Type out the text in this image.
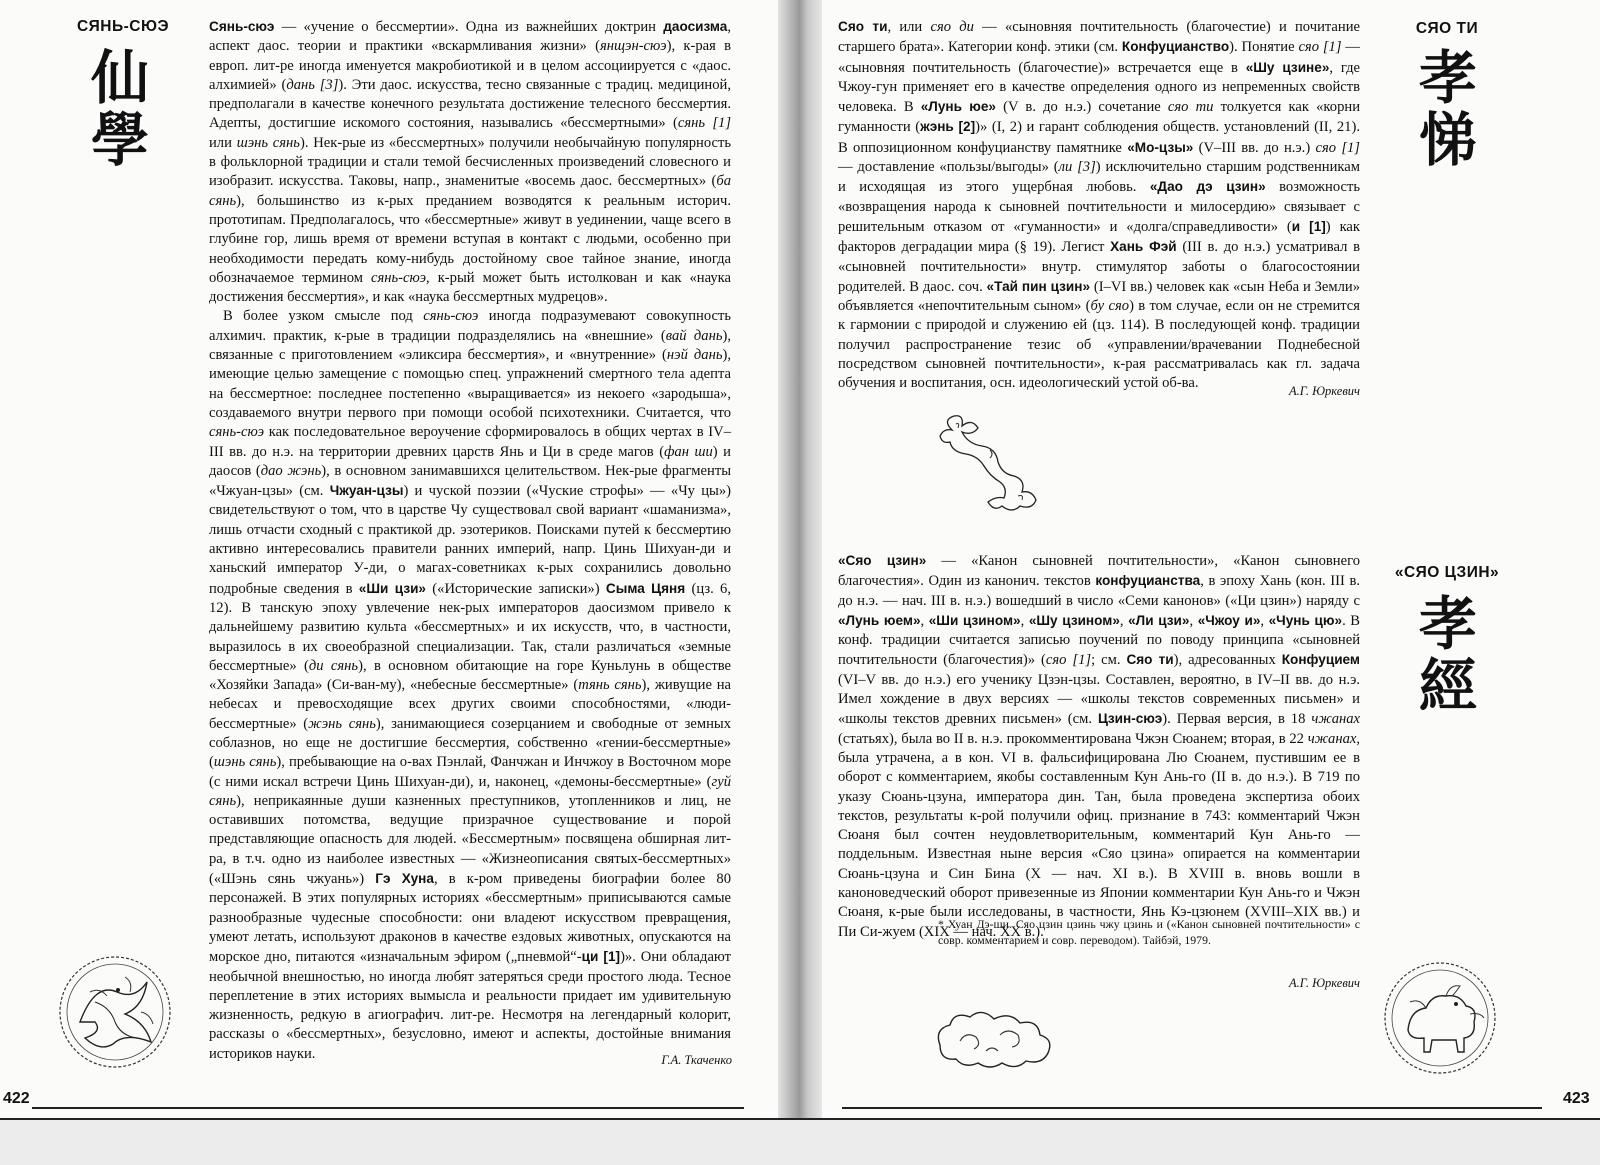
СЯНЬ-СЮЭ
仙
學

Сянь-сюэ — «учение о бессмертии». Одна из важнейших доктрин даосизма, аспект даос. теории и практики «вскармливания жизни» (янщэн-сюэ), к-рая в европ. лит-ре иногда именуется макробиотикой и в целом ассоциируется с «даос. алхимией» (дань [3]). Эти даос. искусства, тесно связанные с традиц. медициной, предполагали в качестве конечного результата достижение телесного бессмертия. Адепты, достигшие искомого состояния, назывались «бессмертными» (сянь [1] или шэнь сянь). Нек-рые из «бессмертных» получили необычайную популярность в фольклорной традиции и стали темой бесчисленных произведений словесного и изобразит. искусства. Таковы, напр., знаменитые «восемь даос. бессмертных» (ба сянь), большинство из к-рых преданием возводятся к реальным историч. прототипам. Предполагалось, что «бессмертные» живут в уединении, чаще всего в глубине гор, лишь время от времени вступая в контакт с людьми, особенно при необходимости передать кому-нибудь достойному свое тайное знание, иногда обозначаемое термином сянь-сюэ, к-рый может быть истолкован и как «наука достижения бессмертия», и как «наука бессмертных мудрецов».

В более узком смысле под сянь-сюэ иногда подразумевают совокупность алхимич. практик, к-рые в традиции подразделялись на «внешние» (вай дань), связанные с приготовлением «эликсира бессмертия», и «внутренние» (нэй дань), имеющие целью замещение с помощью спец. упражнений смертного тела адепта на бессмертное: последнее постепенно «выращивается» из некоего «зародыша», создаваемого внутри первого при помощи особой психотехники. Считается, что сянь-сюэ как последовательное вероучение сформировалось в общих чертах в IV–III вв. до н.э. на территории древних царств Янь и Ци в среде магов (фан ши) и даосов (дао жэнь), в основном занимавшихся целительством. Нек-рые фрагменты «Чжуан-цзы» (см. Чжуан-цзы) и чуской поэзии («Чуские строфы» — «Чу цы») свидетельствуют о том, что в царстве Чу существовал свой вариант «шаманизма», лишь отчасти сходный с практикой др. эзотериков. Поисками путей к бессмертию активно интересовались правители ранних империй, напр. Цинь Шихуан-ди и ханьский император У-ди, о магах-советниках к-рых сохранились довольно подробные сведения в «Ши цзи» («Исторические записки») Сыма Цяня (цз. 6, 12). В танскую эпоху увлечение нек-рых императоров даосизмом привело к дальнейшему развитию культа «бессмертных» и их искусств, что, в частности, выразилось в их своеобразной специализации. Так, стали различаться «земные бессмертные» (ди сянь), в основном обитающие на горе Куньлунь в обществе «Хозяйки Запада» (Си-ван-му), «небесные бессмертные» (тянь сянь), живущие на небесах и превосходящие всех других своими способностями, «люди-бессмертные» (жэнь сянь), занимающиеся созерцанием и свободные от земных соблазнов, но еще не достигшие бессмертия, собственно «гении-бессмертные» (шэнь сянь), пребывающие на о-вах Пэнлай, Фанчжан и Инчжоу в Восточном море (с ними искал встречи Цинь Шихуан-ди), и, наконец, «демоны-бессмертные» (гуй сянь), неприкаянные души казненных преступников, утопленников и лиц, не оставивших потомства, ведущие призрачное существование и порой представляющие опасность для людей. «Бессмертным» посвящена обширная лит-ра, в т.ч. одно из наиболее известных — «Жизнеописания святых-бессмертных» («Шэнь сянь чжуань») Гэ Хуна, в к-ром приведены биографии более 80 персонажей. В этих популярных историях «бессмертным» приписываются самые разнообразные чудесные способности: они владеют искусством превращения, умеют летать, используют драконов в качестве ездовых животных, опускаются на морское дно, питаются «изначальным эфиром („пневмой“-ци [1])». Они обладают необычной внешностью, но иногда любят затеряться среди простого люда. Тесное переплетение в этих историях вымысла и реальности придает им удивительную жизненность, редкую в агиографич. лит-ре. Несмотря на легендарный колорит, рассказы о «бессмертных», безусловно, имеют и аспекты, достойные внимания историков науки.	Г.А. Ткаченко
422

Сяо ти, или сяо ди — «сыновняя почтительность (благочестие) и почитание старшего брата». Категории конф. этики (см. Конфуцианство). Понятие сяо [1] — «сыновняя почтительность (благочестие)» встречается еще в «Шу цзине», где Чжоу-гун применяет его в качестве определения одного из непременных свойств человека. В «Лунь юе» (V в. до н.э.) сочетание сяо ти толкуется как «корни гуманности (жэнь [2])» (I, 2) и гарант соблюдения обществ. установлений (II, 21). В оппозиционном конфуцианству памятнике «Мо-цзы» (V–III вв. до н.э.) сяо [1] — доставление «пользы/выгоды» (ли [3]) исключительно старшим родственникам и исходящая из этого ущербная любовь. «Дао дэ цзин» возможность «возвращения народа к сыновней почтительности и милосердию» связывает с решительным отказом от «гуманности» и «долга/справедливости» (и [1]) как факторов деградации мира (§ 19). Легист Хань Фэй (III в. до н.э.) усматривал в «сыновней почтительности» внутр. стимулятор заботы о благосостоянии родителей. В даос. соч. «Тай пин цзин» (I–VI вв.) человек как «сын Неба и Земли» объявляется «непочтительным сыном» (бу сяо) в том случае, если он не стремится к гармонии с природой и служению ей (цз. 114). В последующей конф. традиции получил распространение тезис об «управлении/врачевании Поднебесной посредством сыновней почтительности», к-рая рассматривалась как гл. задача обучения и воспитания, осн. идеологический устой об-ва.	А.Г. Юркевич
СЯО ТИ
孝
悌

«Сяо цзин» — «Канон сыновней почтительности», «Канон сыновнего благочестия». Один из канонич. текстов конфуцианства, в эпоху Хань (кон. III в. до н.э. — нач. III в. н.э.) вошедший в число «Семи канонов» («Ци цзин») наряду с «Лунь юем», «Ши цзином», «Шу цзином», «Ли цзи», «Чжоу и», «Чунь цю». В конф. традиции считается записью поучений по поводу принципа «сыновней почтительности (благочестия)» (сяо [1]; см. Сяо ти), адресованных Конфуцием (VI–V вв. до н.э.) его ученику Цзэн-цзы. Составлен, вероятно, в IV–II вв. до н.э. Имел хождение в двух версиях — «школы текстов современных письмен» и «школы текстов древних письмен» (см. Цзин-сюэ). Первая версия, в 18 чжанах (статьях), была во II в. н.э. прокомментирована Чжэн Сюанем; вторая, в 22 чжанах, была утрачена, а в кон. VI в. фальсифицирована Лю Сюанем, пустившим ее в оборот с комментарием, якобы составленным Кун Ань-го (II в. до н.э.). В 719 по указу Сюань-цзуна, императора дин. Тан, была проведена экспертиза обоих текстов, результаты к-рой получили офиц. признание в 743: комментарий Чжэн Сюаня был сочтен неудовлетворительным, комментарий Кун Ань-го — поддельным. Известная ныне версия «Сяо цзина» опирается на комментарии Сюань-цзуна и Син Бина (X — нач. XI в.). В XVIII в. вновь вошли в каноноведческий оборот привезенные из Японии комментарии Кун Ань-го и Чжэн Сюаня, к-рые были исследованы, в частности, Янь Кэ-цзюнем (XVIII–XIX вв.) и Пи Си-жуем (XIX — нач. XX в.).

* Хуан Дэ-ши. Сяо цзин цзинь чжу цзинь и («Канон сыновней почтительности» с совр. комментарием и совр. переводом). Тайбэй, 1979.
А.Г. Юркевич
«СЯО ЦЗИН»
孝
經
423
